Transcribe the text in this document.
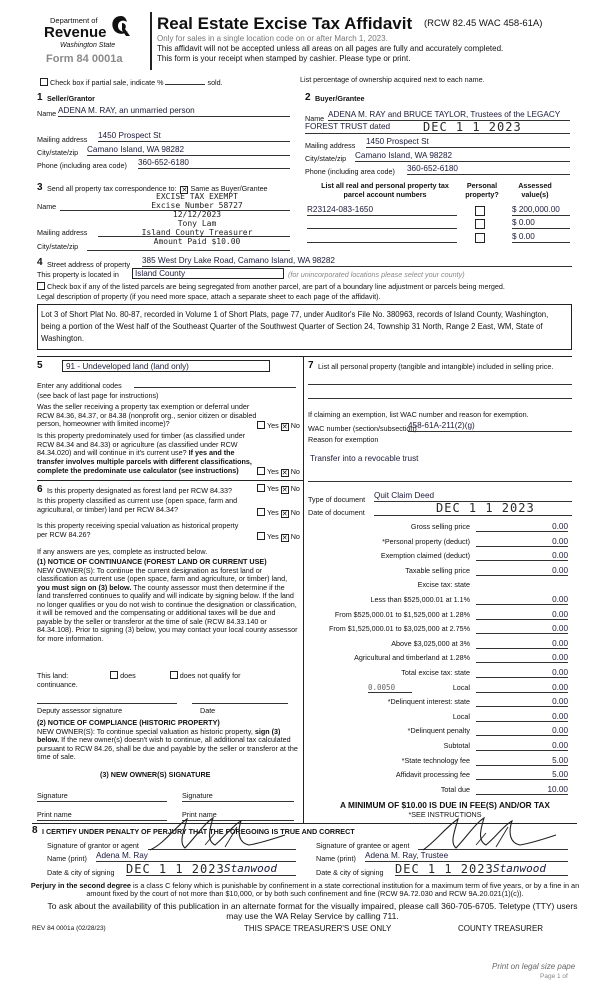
Department of
Revenue
Washington State
Form 84 0001a
Real Estate Excise Tax Affidavit (RCW 82.45 WAC 458-61A)
Only for sales in a single location code on or after March 1, 2023.
This affidavit will not be accepted unless all areas on all pages are fully and accurately completed.
This form is your receipt when stamped by cashier. Please type or print.
Check box if partial sale, indicate %	sold.	List percentage of ownership acquired next to each name.
1 Seller/Grantor
Name ADENA M. RAY, an unmarried person
Mailing address 1450 Prospect St
City/state/zip Camano Island, WA 98282
Phone (including area code) 360-652-6180
2 Buyer/Grantee
Name ADENA M. RAY and BRUCE TAYLOR, Trustees of the LEGACY
FOREST TRUST dated	DEC 1 1 2023
Mailing address 1450 Prospect St
City/state/zip Camano Island, WA 98282
Phone (including area code) 360-652-6180
3 Send all property tax correspondence to: ✕ Same as Buyer/Grantee
Name
Mailing address
City/state/zip
EXCISE TAX EXEMPT
Excise Number 58727
12/12/2023
Tony Lam
Island County Treasurer
Amount Paid $10.00
List all real and personal property tax parcel account numbers
Personal property?
Assessed value(s)
R23124-083-1650	$ 200,000.00
$ 0.00
$ 0.00
4 Street address of property 385 West Dry Lake Road, Camano Island, WA 98282
This property is located in	Island County	(for unincorporated locations please select your county)
Check box if any of the listed parcels are being segregated from another parcel, are part of a boundary line adjustment or parcels being merged.
Legal description of property (if you need more space, attach a separate sheet to each page of the affidavit).
Lot 3 of Short Plat No. 80-87, recorded in Volume 1 of Short Plats, page 77, under Auditor's File No. 380963, records of Island County, Washington, being a portion of the West half of the Southeast Quarter of the Southwest Quarter of Section 24, Township 31 North, Range 2 East, WM, State of Washington.
5	91 - Undeveloped land (land only)
Enter any additional codes
(see back of last page for instructions)
Was the seller receiving a property tax exemption or deferral under RCW 84.36, 84.37, or 84.38 (nonprofit org., senior citizen or disabled person, homeowner with limited income)?	Yes ✕ No
Is this property predominately used for timber (as classified under RCW 84.34 and 84.33) or agriculture (as classified under RCW 84.34.020) and will continue in it's current use? If yes and the transfer involves multiple parcels with different classifications, complete the predominate use calculator (see instructions)	Yes ✕ No
6 Is this property designated as forest land per RCW 84.33?	Yes ✕ No
Is this property classified as current use (open space, farm and agricultural, or timber) land per RCW 84.34?	Yes ✕ No
Is this property receiving special valuation as historical property per RCW 84.26?	Yes ✕ No
If any answers are yes, complete as instructed below.
(1) NOTICE OF CONTINUANCE (FOREST LAND OR CURRENT USE)
NEW OWNER(S): To continue the current designation as forest land or classification as current use (open space, farm and agriculture, or timber) land, you must sign on (3) below. The county assessor must then determine if the land transferred continues to qualify and will indicate by signing below. If the land no longer qualifies or you do not wish to continue the designation or classification, it will be removed and the compensating or additional taxes will be due and payable by the seller or transferor at the time of sale (RCW 84.33.140 or 84.34.108). Prior to signing (3) below, you may contact your local county assessor for more information.
This land:	does	does not qualify for
continuance.
Deputy assessor signature	Date
(2) NOTICE OF COMPLIANCE (HISTORIC PROPERTY)
NEW OWNER(S): To continue special valuation as historic property, sign (3) below. If the new owner(s) doesn't wish to continue, all additional tax calculated pursuant to RCW 84.26, shall be due and payable by the seller or transferor at the time of sale.
(3) NEW OWNER(S) SIGNATURE
Signature	Signature
Print name	Print name
7 List all personal property (tangible and intangible) included in selling price.
If claiming an exemption, list WAC number and reason for exemption.
WAC number (section/subsection)
458-61A-211(2)(g)
Reason for exemption
Transfer into a revocable trust
Type of document Quit Claim Deed
Date of document	DEC 1 1 2023
Gross selling price	0.00
*Personal property (deduct)	0.00
Exemption claimed (deduct)	0.00
Taxable selling price	0.00
Excise tax: state
Less than $525,000.01 at 1.1%	0.00
From $525,000.01 to $1,525,000 at 1.28%	0.00
From $1,525,000.01 to $3,025,000 at 2.75%	0.00
Above $3,025,000 at 3%	0.00
Agricultural and timberland at 1.28%	0.00
Total excise tax: state	0.00
Local
0.0050	0.00
*Delinquent interest: state	0.00
Local	0.00
*Delinquent penalty	0.00
Subtotal	0.00
*State technology fee	5.00
Affidavit processing fee	5.00
Total due	10.00
A MINIMUM OF $10.00 IS DUE IN FEE(S) AND/OR TAX
*SEE INSTRUCTIONS
8 I CERTIFY UNDER PENALTY OF PERJURY THAT THE FOREGOING IS TRUE AND CORRECT
Signature of grantor or agent
Name (print) Adena M. Ray
Date & city of signing DEC 1 1 2023 Stanwood
Signature of grantee or agent
Name (print) Adena M. Ray, Trustee
Date & city of signing DEC 1 1 2023 Stanwood
Perjury in the second degree is a class C felony which is punishable by confinement in a state correctional institution for a maximum term of five years, or by a fine in an amount fixed by the court of not more than $10,000, or by both such confinement and fine (RCW 9A.72.030 and RCW 9A.20.021(1)(c)).
To ask about the availability of this publication in an alternate format for the visually impaired, please call 360-705-6705. Teletype (TTY) users may use the WA Relay Service by calling 711.
REV 84 0001a (02/28/23)	THIS SPACE TREASURER'S USE ONLY	COUNTY TREASURER
Print on legal size pape
Page 1 of
